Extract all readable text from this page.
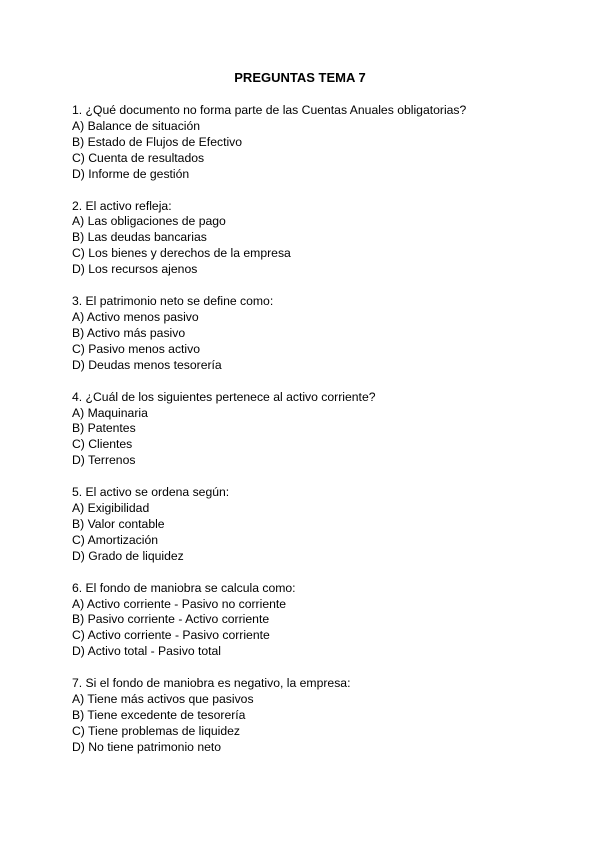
PREGUNTAS TEMA 7
1. ¿Qué documento no forma parte de las Cuentas Anuales obligatorias?
A) Balance de situación
B) Estado de Flujos de Efectivo
C) Cuenta de resultados
D) Informe de gestión
2. El activo refleja:
A) Las obligaciones de pago
B) Las deudas bancarias
C) Los bienes y derechos de la empresa
D) Los recursos ajenos
3. El patrimonio neto se define como:
A) Activo menos pasivo
B) Activo más pasivo
C) Pasivo menos activo
D) Deudas menos tesorería
4. ¿Cuál de los siguientes pertenece al activo corriente?
A) Maquinaria
B) Patentes
C) Clientes
D) Terrenos
5. El activo se ordena según:
A) Exigibilidad
B) Valor contable
C) Amortización
D) Grado de liquidez
6. El fondo de maniobra se calcula como:
A) Activo corriente - Pasivo no corriente
B) Pasivo corriente - Activo corriente
C) Activo corriente - Pasivo corriente
D) Activo total - Pasivo total
7. Si el fondo de maniobra es negativo, la empresa:
A) Tiene más activos que pasivos
B) Tiene excedente de tesorería
C) Tiene problemas de liquidez
D) No tiene patrimonio neto
